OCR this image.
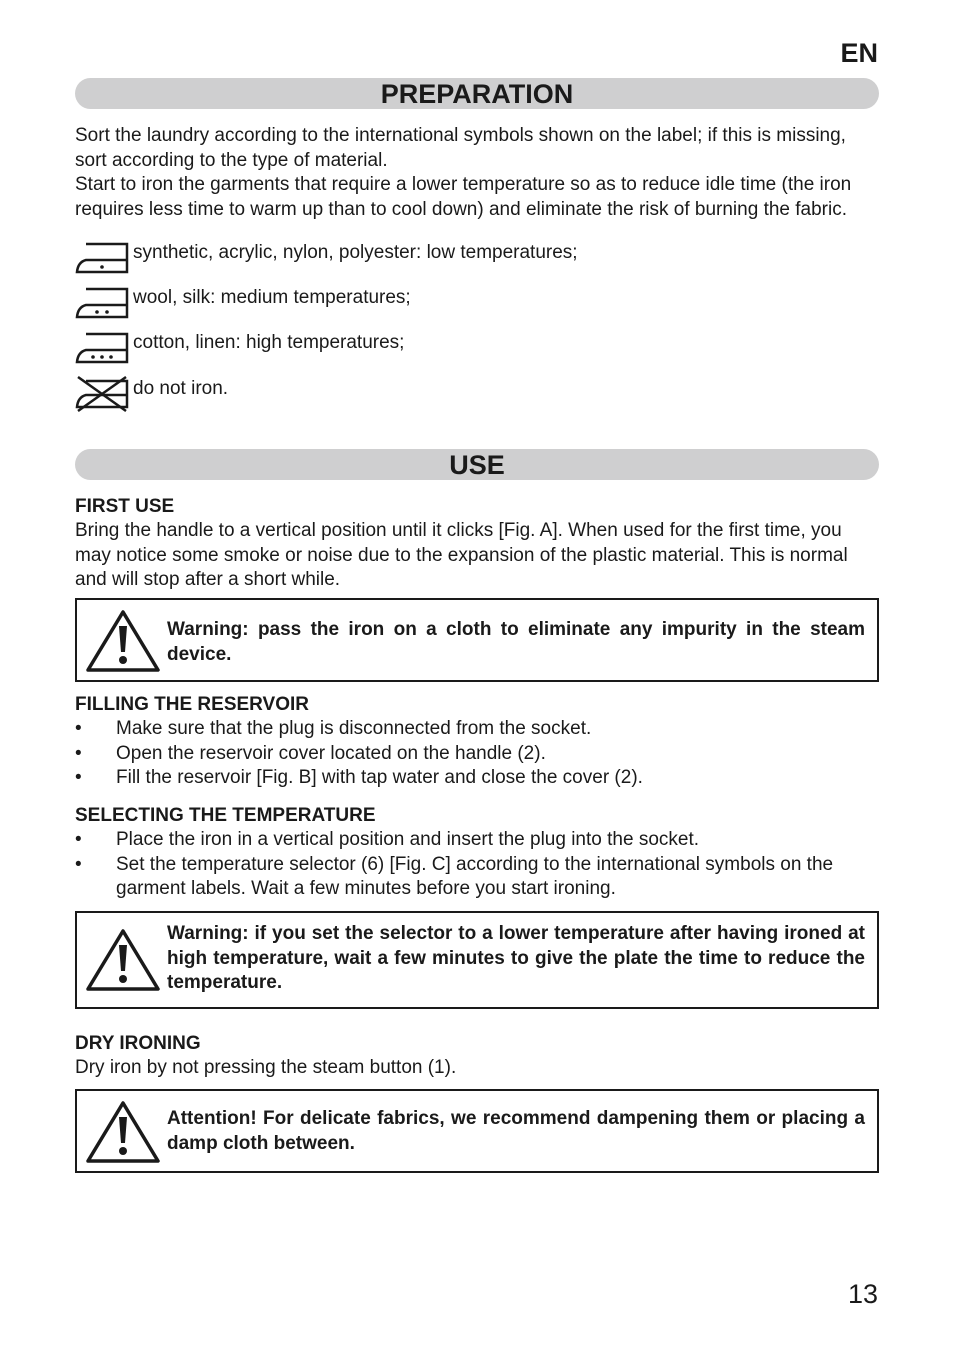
EN
PREPARATION

Sort the laundry according to the international symbols shown on the label; if this is missing, sort according to the type of material.

Start to iron the garments that require a lower temperature so as to reduce idle time (the iron requires less time to warm up than to cool down) and eliminate the risk of burning the fabric.

synthetic, acrylic, nylon, polyester: low temperatures;
wool, silk: medium temperatures;
cotton, linen: high temperatures;
do not iron.
USE
FIRST USE

Bring the handle to a vertical position until it clicks [Fig. A]. When used for the first time, you may notice some smoke or noise due to the expansion of the plastic material. This is normal and will stop after a short while.

Warning: pass the iron on a cloth to eliminate any impurity in the steam device.

FILLING THE RESERVOIR
• Make sure that the plug is disconnected from the socket.
• Open the reservoir cover located on the handle (2).
• Fill the reservoir [Fig. B] with tap water and close the cover (2).
SELECTING THE TEMPERATURE
• Place the iron in a vertical position and insert the plug into the socket.
• Set the temperature selector (6) [Fig. C] according to the international symbols on the garment labels. Wait a few minutes before you start ironing.

Warning: if you set the selector to a lower temperature after having ironed at high temperature, wait a few minutes to give the plate the time to reduce the temperature.

DRY IRONING

Dry iron by not pressing the steam button (1).

Attention! For delicate fabrics, we recommend dampening them or placing a damp cloth between.

13
